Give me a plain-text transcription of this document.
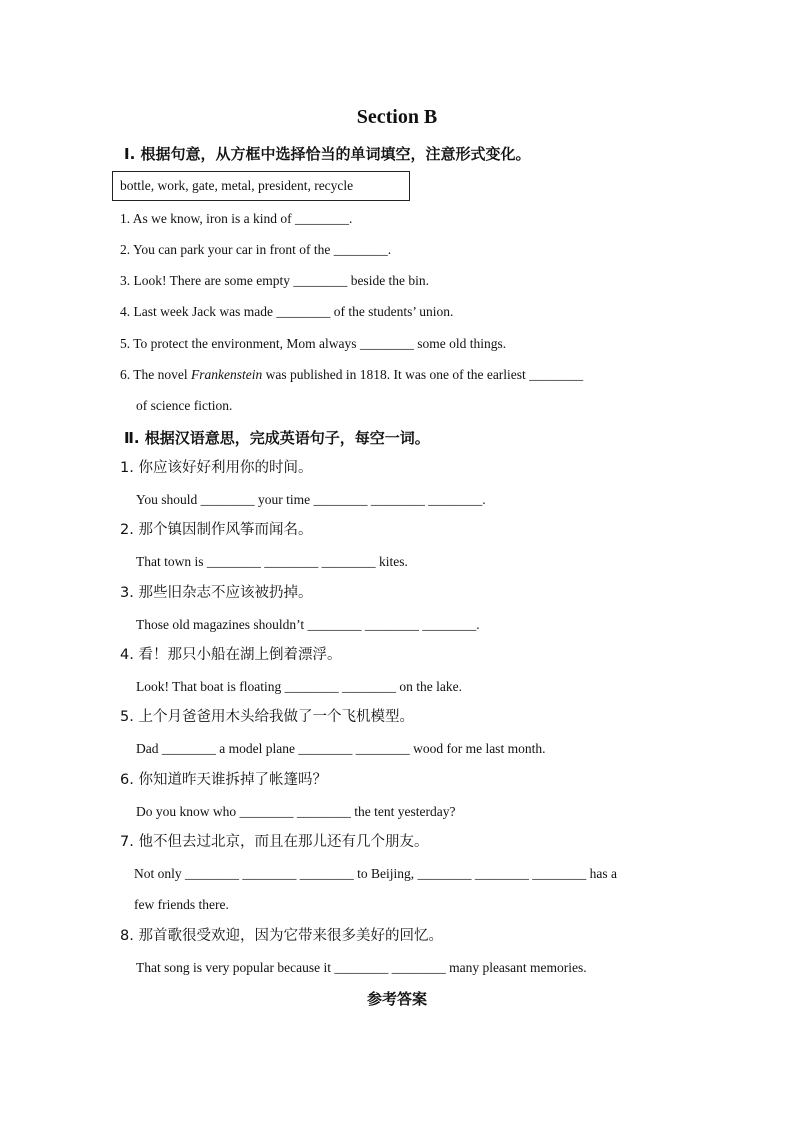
Section B
Ⅰ. 根据句意，从方框中选择恰当的单词填空，注意形式变化。
bottle, work, gate, metal, president, recycle
1. As we know, iron is a kind of ________.
2. You can park your car in front of the ________.
3. Look! There are some empty ________ beside the bin.
4. Last week Jack was made ________ of the students’ union.
5. To protect the environment, Mom always ________ some old things.
6. The novel Frankenstein was published in 1818. It was one of the earliest ________
of science fiction.
Ⅱ. 根据汉语意思，完成英语句子，每空一词。
1. 你应该好好利用你的时间。
You should ________ your time ________ ________ ________.
2. 那个镇因制作风筝而闻名。
That town is ________ ________ ________ kites.
3. 那些旧杂志不应该被扔掉。
Those old magazines shouldn’t ________ ________ ________.
4. 看！那只小船在湖上倒着漂浮。
Look! That boat is floating ________ ________ on the lake.
5. 上个月爸爸用木头给我做了一个飞机模型。
Dad ________ a model plane ________ ________ wood for me last month.
6. 你知道昨天谁拆掉了帐篷吗？
Do you know who ________ ________ the tent yesterday?
7. 他不但去过北京，而且在那儿还有几个朋友。
Not only ________ ________ ________ to Beijing, ________ ________ ________ has a
few friends there.
8. 那首歌很受欢迎，因为它带来很多美好的回忆。
That song is very popular because it ________ ________ many pleasant memories.
参考答案
